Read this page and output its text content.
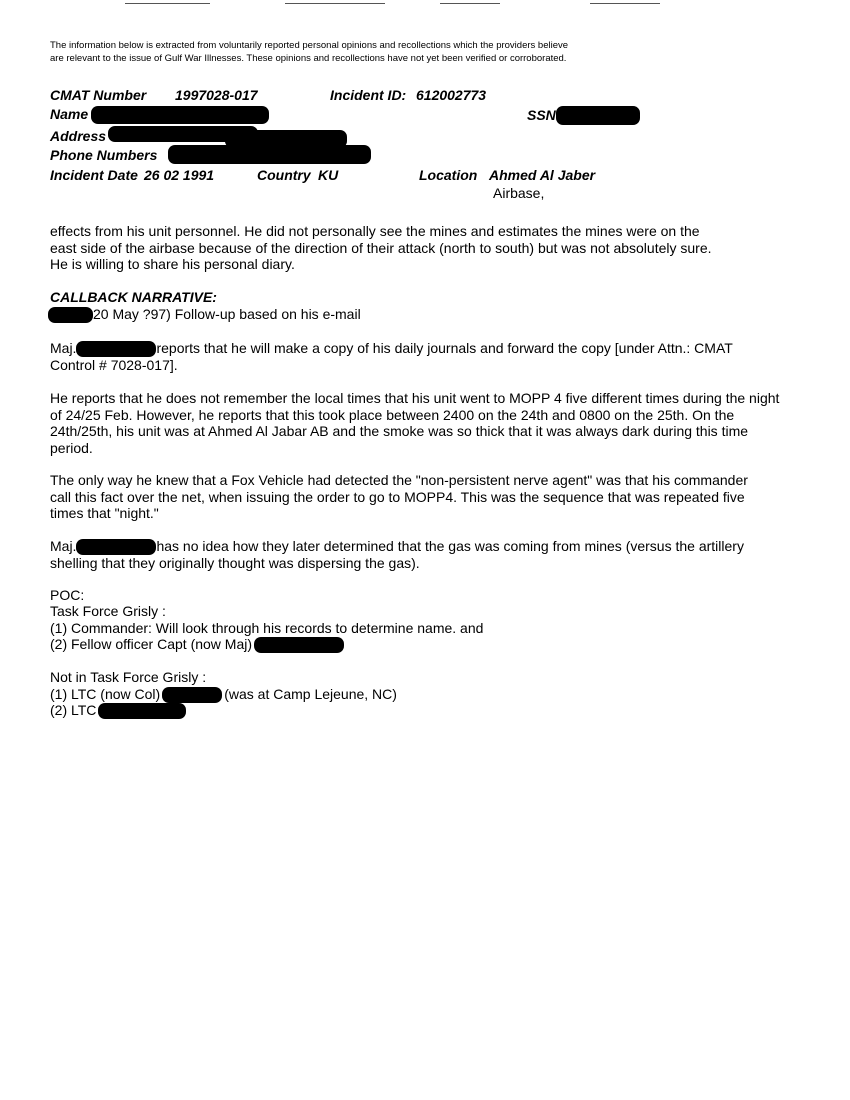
The information below is extracted from voluntarily reported personal opinions and recollections which the providers believe are relevant to the issue of Gulf War Illnesses. These opinions and recollections have not yet been verified or corroborated.
CMAT Number 1997028-017	Incident ID: 612002773
Name	SSN
Address
Phone Numbers
Incident Date 26 02 1991	Country KU	Location Ahmed Al Jaber
Airbase,
effects from his unit personnel. He did not personally see the mines and estimates the mines were on the east side of the airbase because of the direction of their attack (north to south) but was not absolutely sure. He is willing to share his personal diary.
CALLBACK NARRATIVE:
20 May ?97) Follow-up based on his e-mail
Maj.	reports that he will make a copy of his daily journals and forward the copy [under Attn.: CMAT Control # 7028-017].
He reports that he does not remember the local times that his unit went to MOPP 4 five different times during the night of 24/25 Feb. However, he reports that this took place between 2400 on the 24th and 0800 on the 25th. On the 24th/25th, his unit was at Ahmed Al Jabar AB and the smoke was so thick that it was always dark during this time period.
The only way he knew that a Fox Vehicle had detected the "non-persistent nerve agent" was that his commander call this fact over the net, when issuing the order to go to MOPP4. This was the sequence that was repeated five times that "night."
Maj.	has no idea how they later determined that the gas was coming from mines (versus the artillery shelling that they originally thought was dispersing the gas).
POC:
Task Force Grisly :
(1) Commander: Will look through his records to determine name. and
(2) Fellow officer Capt (now Maj)
Not in Task Force Grisly :
(1) LTC (now Col)	(was at Camp Lejeune, NC)
(2) LTC
